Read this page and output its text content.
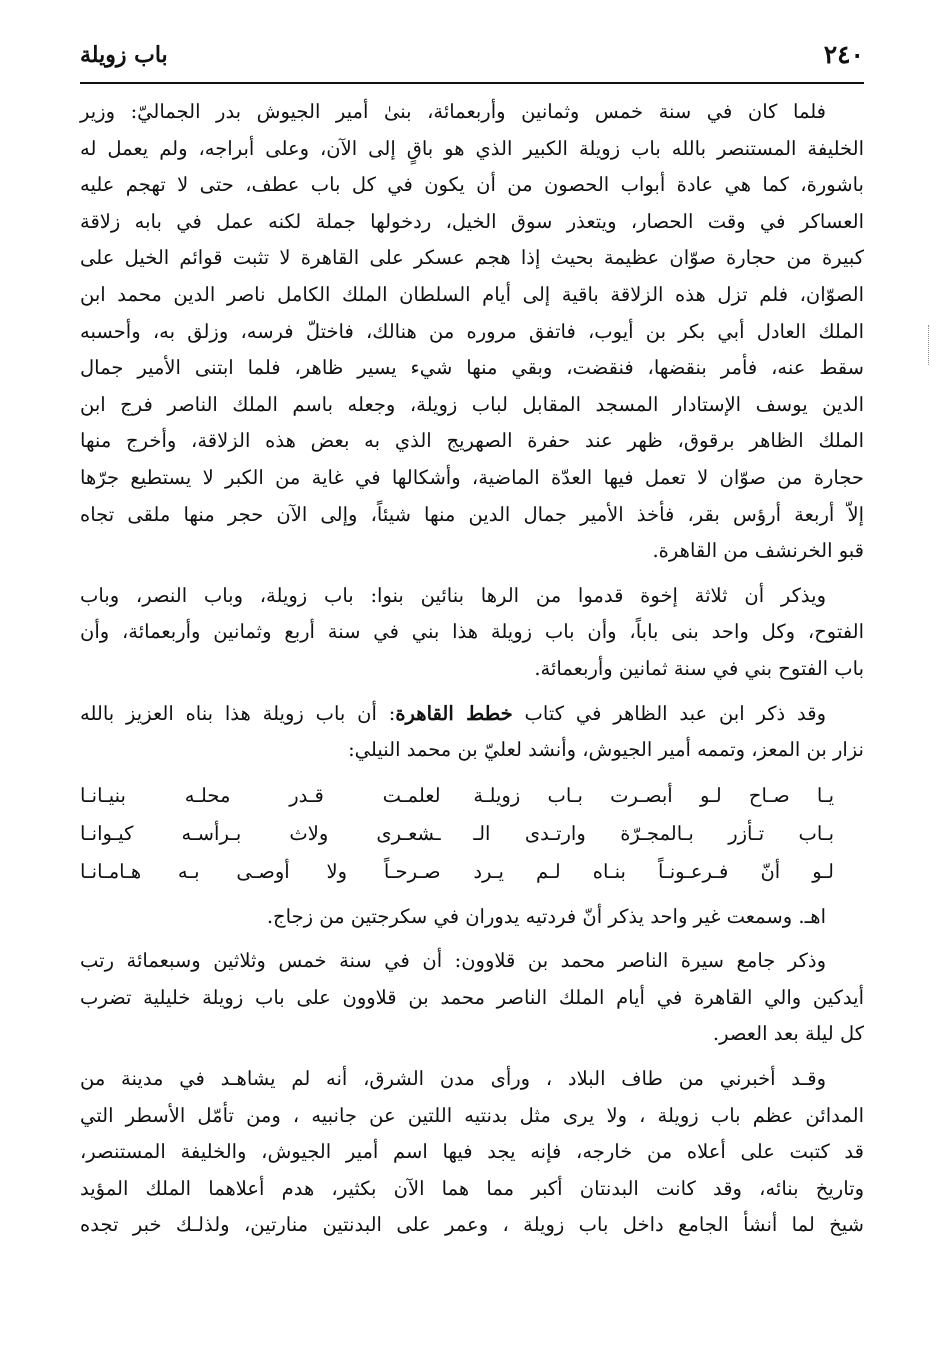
٢٤٠
باب زويلة

فلما كان في سنة خمس وثمانين وأربعمائة، بنىٰ أمير الجيوش بدر الجماليّ: وزير
الخليفة المستنصر بالله باب زويلة الكبير الذي هو باقٍ إلى الآن، وعلى أبراجه، ولم يعمل له
باشورة، كما هي عادة أبواب الحصون من أن يكون في كل باب عطف، حتى لا تهجم عليه
العساكر في وقت الحصار، ويتعذر سوق الخيل، ردخولها جملة لكنه عمل في بابه زلاقة
كبيرة من حجارة صوّان عظيمة بحيث إذا هجم عسكر على القاهرة لا تثبت قوائم الخيل على
الصوّان، فلم تزل هذه الزلاقة باقية إلى أيام السلطان الملك الكامل ناصر الدين محمد ابن
الملك العادل أبي بكر بن أيوب، فاتفق مروره من هنالك، فاختلّ فرسه، وزلق به، وأحسبه
سقط عنه، فأمر بنقضها، فنقضت، وبقي منها شيء يسير ظاهر، فلما ابتنى الأمير جمال
الدين يوسف الإستادار المسجد المقابل لباب زويلة، وجعله باسم الملك الناصر فرج ابن
الملك الظاهر برقوق، ظهر عند حفرة الصهريج الذي به بعض هذه الزلاقة، وأخرج منها
حجارة من صوّان لا تعمل فيها العدّة الماضية، وأشكالها في غاية من الكبر لا يستطيع جرّها
إلاّ أربعة أرؤس بقر، فأخذ الأمير جمال الدين منها شيئاً، وإلى الآن حجر منها ملقى تجاه
قبو الخرنشف من القاهرة.

ويذكر أن ثلاثة إخوة قدموا من الرها بنائين بنوا: باب زويلة، وباب النصر، وباب
الفتوح، وكل واحد بنى باباً، وأن باب زويلة هذا بني في سنة أربع وثمانين وأربعمائة، وأن
باب الفتوح بني في سنة ثمانين وأربعمائة.

وقد ذكر ابن عبد الظاهر في كتاب خطط القاهرة: أن باب زويلة هذا بناه العزيز بالله
نزار بن المعز، وتممه أمير الجيوش، وأنشد لعليّ بن محمد النيلي:

يـا صـاح لـو أبصـرت بـاب زويلـة
لعلمـت قـدر محلـه بنيـانـا
بـاب تـأزر بـالمجـرّة وارتـدى الـ
ـشعـرى ولاث بـرأسـه كيـوانـا
لـو أنّ فـرعـونـاً بنـاه لـم يـرد
صـرحـاً ولا أوصـى بـه هـامـانـا

اهـ. وسمعت غير واحد يذكر أنّ فردتيه يدوران في سكرجتين من زجاج.

وذكر جامع سيرة الناصر محمد بن قلاوون: أن في سنة خمس وثلاثين وسبعمائة رتب
أيدكين والي القاهرة في أيام الملك الناصر محمد بن قلاوون على باب زويلة خليلية تضرب
كل ليلة بعد العصر.

وقـد أخبرني من طاف البلاد ، ورأى مدن الشرق، أنه لم يشاهـد في مدينة من
المدائن عظم باب زويلة ، ولا يرى مثل بدنتيه اللتين عن جانبيه ، ومن تأمّل الأسطر التي
قد كتبت على أعلاه من خارجه، فإنه يجد فيها اسم أمير الجيوش، والخليفة المستنصر،
وتاريخ بنائه، وقد كانت البدنتان أكبر مما هما الآن بكثير، هدم أعلاهما الملك المؤيد
شيخ لما أنشأ الجامع داخل باب زويلة ، وعمر على البدنتين منارتين، ولذلـك خبر تجده
